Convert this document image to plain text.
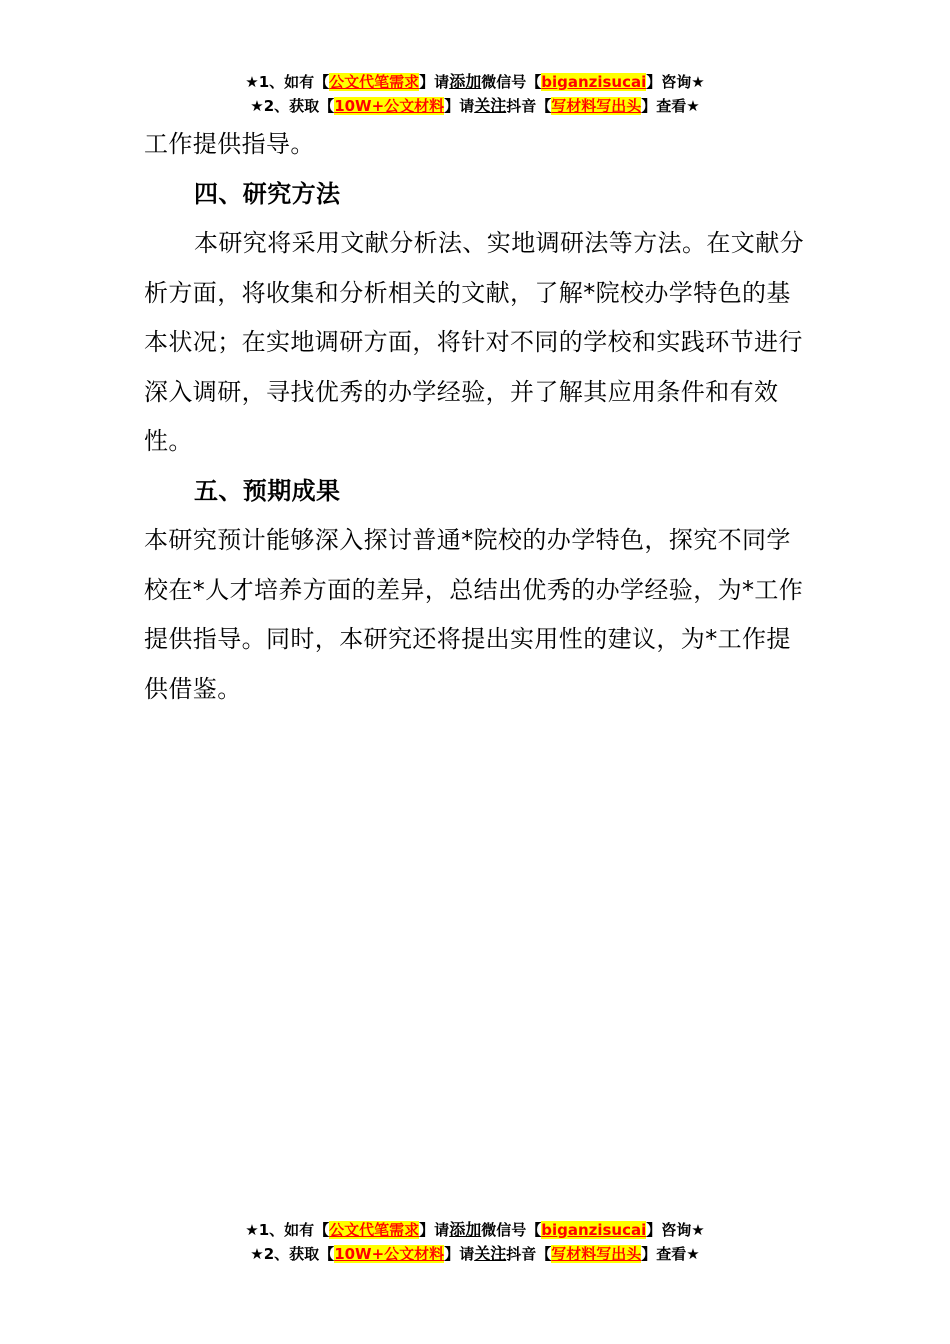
★1、如有【公文代笔需求】请添加微信号【biganzisucai】咨询★
★2、获取【10W+公文材料】请关注抖音【写材料写出头】查看★

工作提供指导。

四、研究方法

本研究将采用文献分析法、实地调研法等方法。在文献分析方面，将收集和分析相关的文献，了解*院校办学特色的基本状况；在实地调研方面，将针对不同的学校和实践环节进行深入调研，寻找优秀的办学经验，并了解其应用条件和有效性。

五、预期成果

本研究预计能够深入探讨普通*院校的办学特色，探究不同学校在*人才培养方面的差异，总结出优秀的办学经验，为*工作提供指导。同时，本研究还将提出实用性的建议，为*工作提供借鉴。

★1、如有【公文代笔需求】请添加微信号【biganzisucai】咨询★
★2、获取【10W+公文材料】请关注抖音【写材料写出头】查看★
